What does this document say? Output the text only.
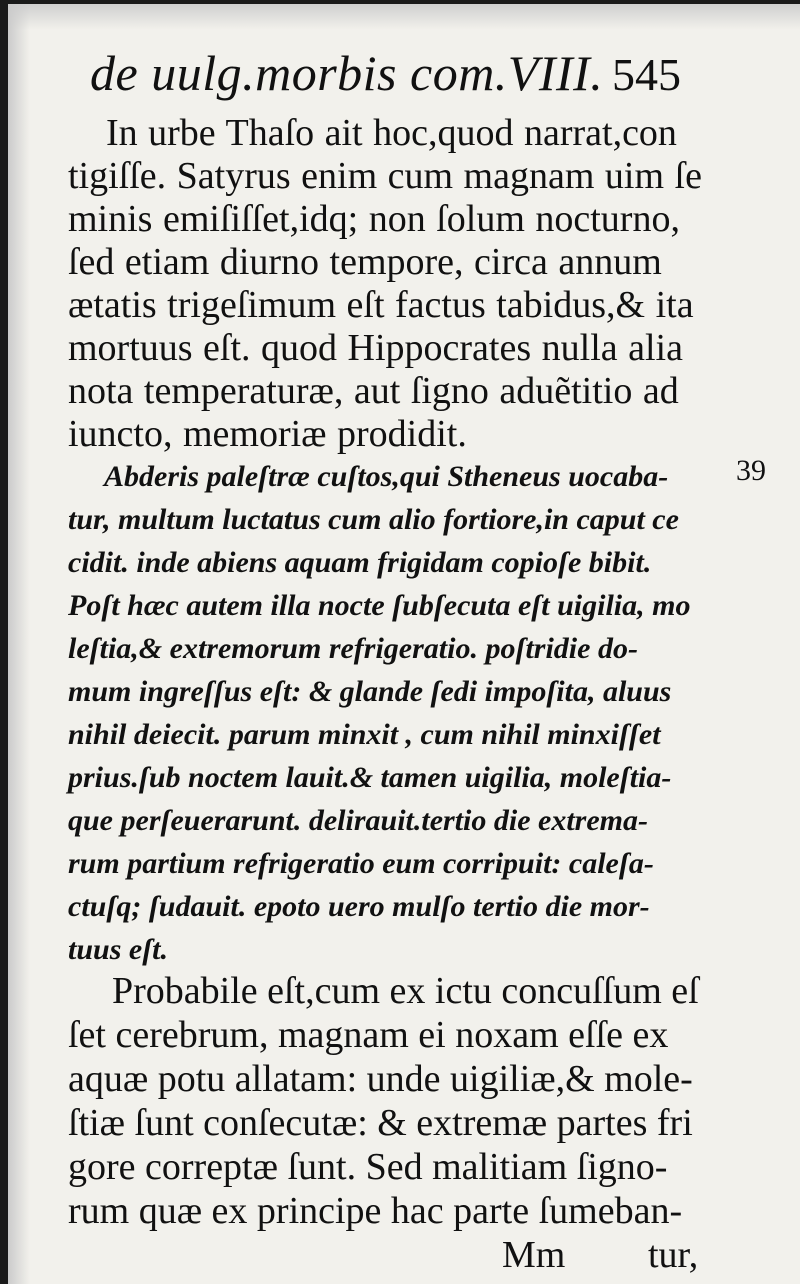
de uulg.morbis com.VIII. 545
In urbe Thaſo ait hoc,quod narrat,con
tigiſſe. Satyrus enim cum magnam uim ſe
minis emiſiſſet,idq; non ſolum nocturno,
ſed etiam diurno tempore, circa annum
ætatis trigeſimum eſt factus tabidus,& ita
mortuus eſt. quod Hippocrates nulla alia
nota temperaturæ, aut ſigno aduẽtitio ad
iuncto, memoriæ prodidit.
39
Abderis paleſtræ cuſtos,qui Stheneus uocaba-
tur, multum luctatus cum alio fortiore,in caput ce
cidit. inde abiens aquam frigidam copioſe bibit.
Poſt hæc autem illa nocte ſubſecuta eſt uigilia, mo
leſtia,& extremorum refrigeratio. poſtridie do-
mum ingreſſus eſt: & glande ſedi impoſita, aluus
nihil deiecit. parum minxit , cum nihil minxiſſet
prius.ſub noctem lauit.& tamen uigilia, moleſtia-
que perſeuerarunt. delirauit.tertio die extrema-
rum partium refrigeratio eum corripuit: caleſa-
ctuſq; ſudauit. epoto uero mulſo tertio die mor-
tuus eſt.
Probabile eſt,cum ex ictu concuſſum eſ
ſet cerebrum, magnam ei noxam eſſe ex
aquæ potu allatam: unde uigiliæ,& mole-
ſtiæ ſunt conſecutæ: & extremæ partes fri
gore correptæ ſunt. Sed malitiam ſigno-
rum quæ ex principe hac parte ſumeban-
Mm tur,
